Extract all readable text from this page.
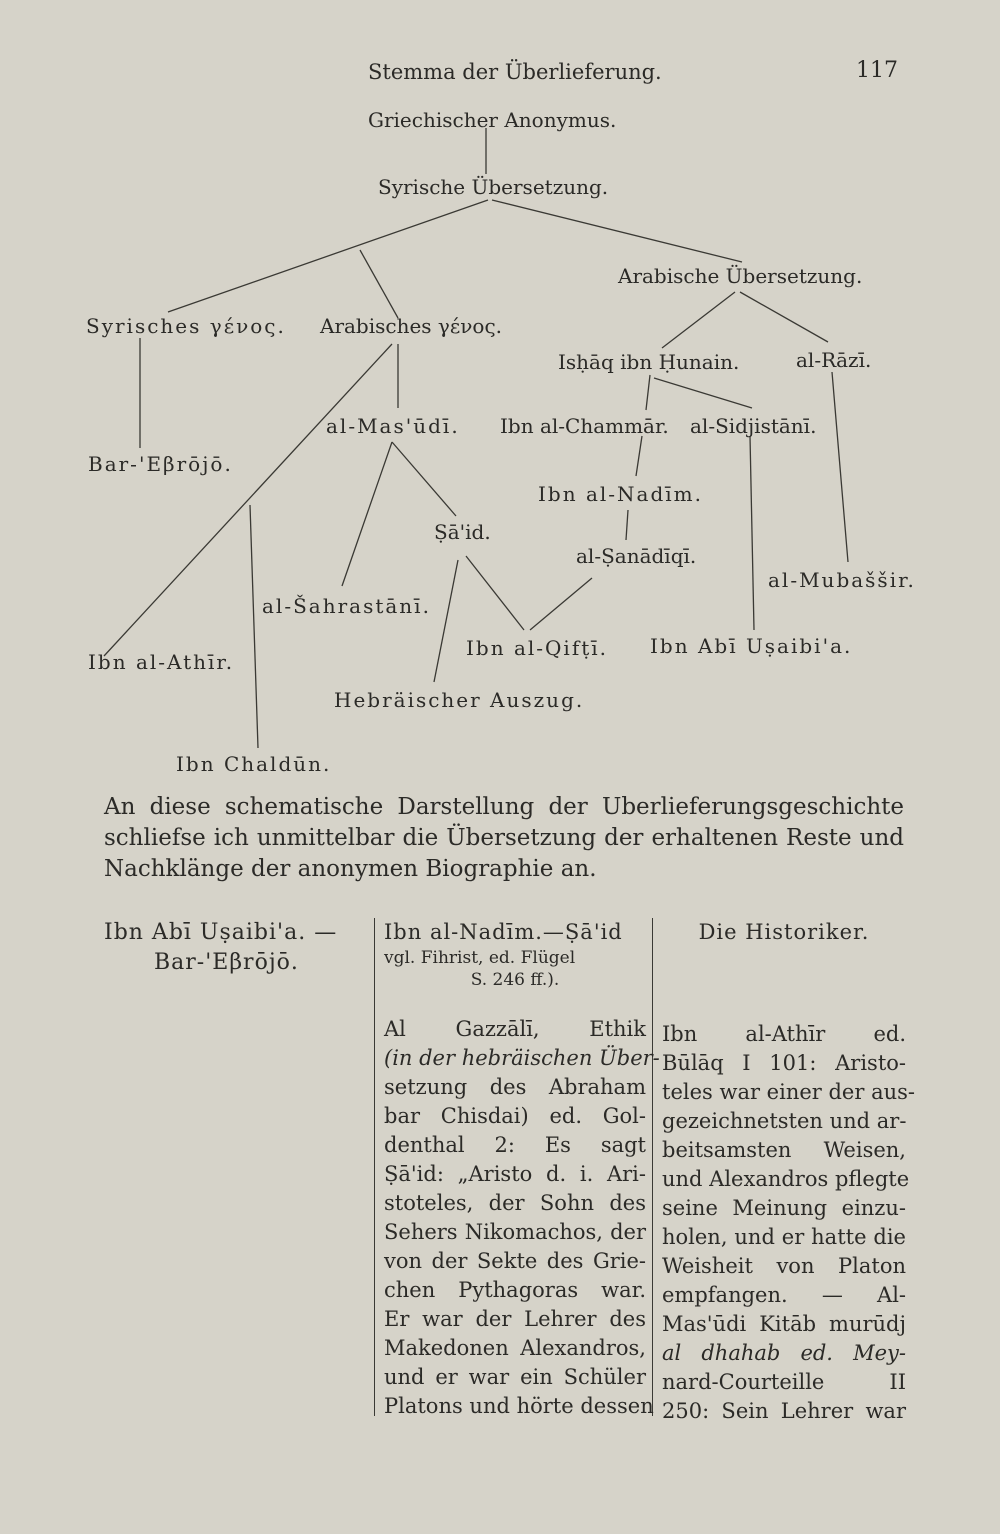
Stemma der Überlieferung.	117
Griechischer Anonymus.
Syrische Übersetzung.
Arabische Übersetzung.
Syrisches γένος. Arabisches γένος.
Isḥāq ibn Ḥunain.	al-Rāzī.
al-Mas'ūdī. Ibn al-Chammār. al-Sidjistānī.
Bar-'Eβrōjō.
Ibn al-Nadīm.
Ṣā'id.
al-Ṣanādīqī.
al-Mubaššir.
al-Šahrastānī.
Ibn al-Athīr.
Ibn al-Qifṭī. Ibn Abī Uṣaibi'a.
Hebräischer Auszug.
Ibn Chaldūn.
An diese schematische Darstellung der Uberlieferungsgeschichte
schliefse ich unmittelbar die Übersetzung der erhaltenen Reste und
Nachklänge der anonymen Biographie an.
Ibn Abī Uṣaibi'a. —
Bar-'Eβrōjō.
Ibn al-Nadīm.—Ṣā'id
vgl. Fihrist, ed. Flügel
S. 246 ff.).
Al Gazzālī, Ethik
(in der hebräischen Über-
setzung des Abraham
bar Chisdai) ed. Gol-
denthal 2: Es sagt
Ṣā'id: „Aristo d. i. Ari-
stoteles, der Sohn des
Sehers Nikomachos, der
von der Sekte des Grie-
chen Pythagoras war.
Er war der Lehrer des
Makedonen Alexandros,
und er war ein Schüler
Platons und hörte dessen
Die Historiker.
Ibn al-Athīr ed.
Būlāq I 101: Aristo-
teles war einer der aus-
gezeichnetsten und ar-
beitsamsten Weisen,
und Alexandros pflegte
seine Meinung einzu-
holen, und er hatte die
Weisheit von Platon
empfangen. — Al-
Mas'ūdi Kitāb murūdj
al dhahab ed. Mey-
nard-Courteille II
250: Sein Lehrer war
